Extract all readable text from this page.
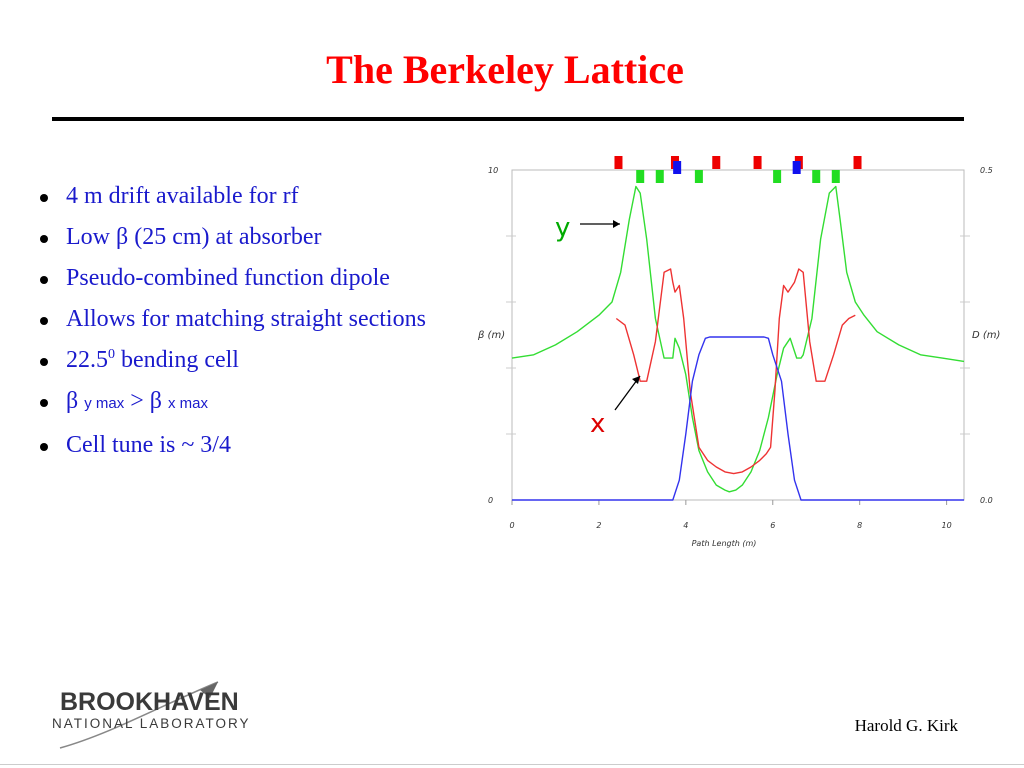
The Berkeley Lattice
4 m drift available for rf
Low β (25 cm) at absorber
Pseudo-combined function dipole
Allows for matching straight sections
22.5$^0$ bending cell
β y max > β x max
Cell tune is ~ 3/4
0	2	4	6	8	10
10
0
0.5
0.0
β (m)	D (m)
Path Length (m)
y
x
BROOKHAVEN
NATIONAL LABORATORY	Harold G. Kirk
